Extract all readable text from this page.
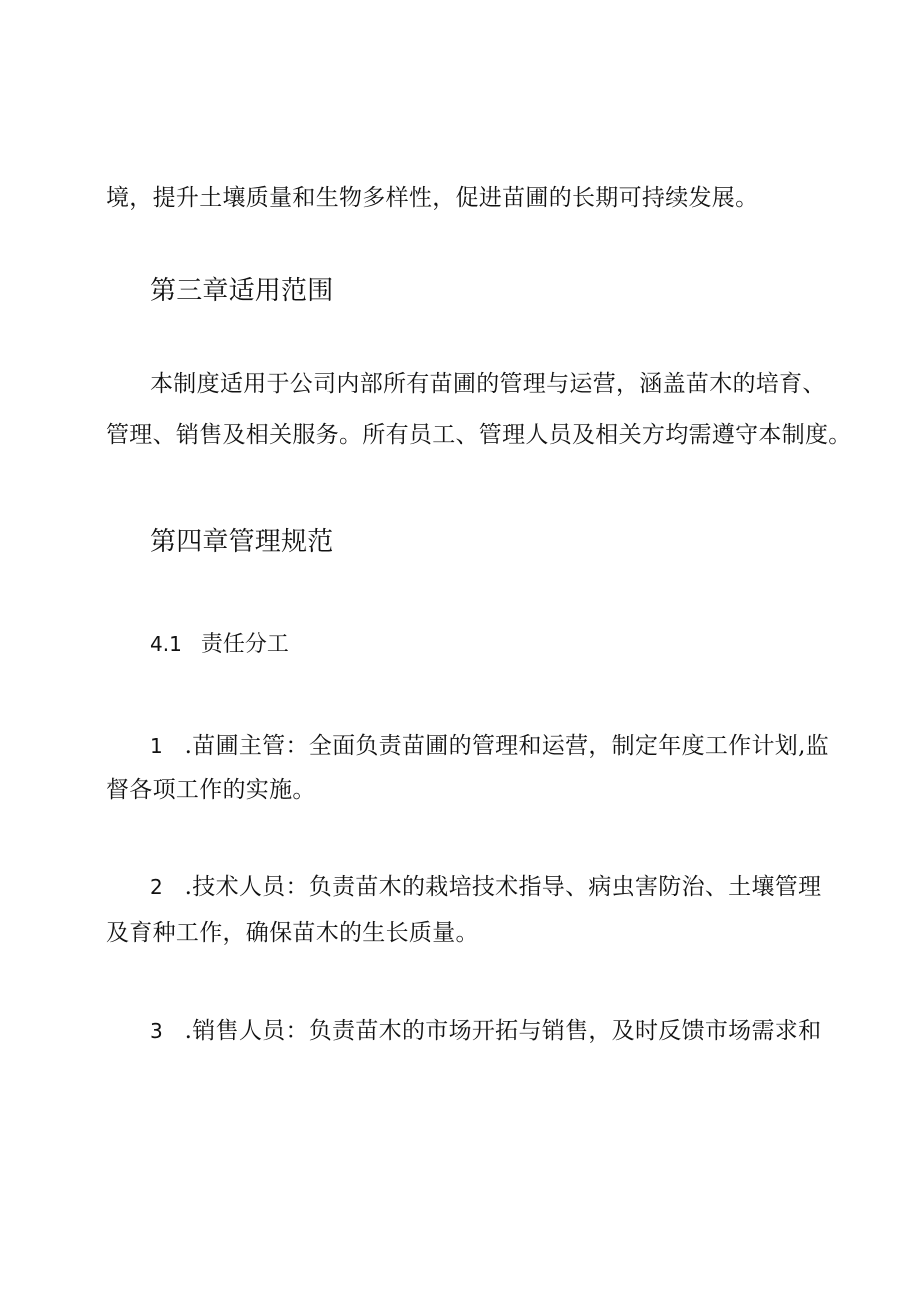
境，提升土壤质量和生物多样性，促进苗圃的长期可持续发展。

第三章适用范围

本制度适用于公司内部所有苗圃的管理与运营，涵盖苗木的培育、

管理、销售及相关服务。所有员工、管理人员及相关方均需遵守本制度。

第四章管理规范
4.1 责任分工
1 .苗圃主管：全面负责苗圃的管理和运营，制定年度工作计划,监

督各项工作的实施。

2 .技术人员：负责苗木的栽培技术指导、病虫害防治、土壤管理

及育种工作，确保苗木的生长质量。

3 .销售人员：负责苗木的市场开拓与销售，及时反馈市场需求和
